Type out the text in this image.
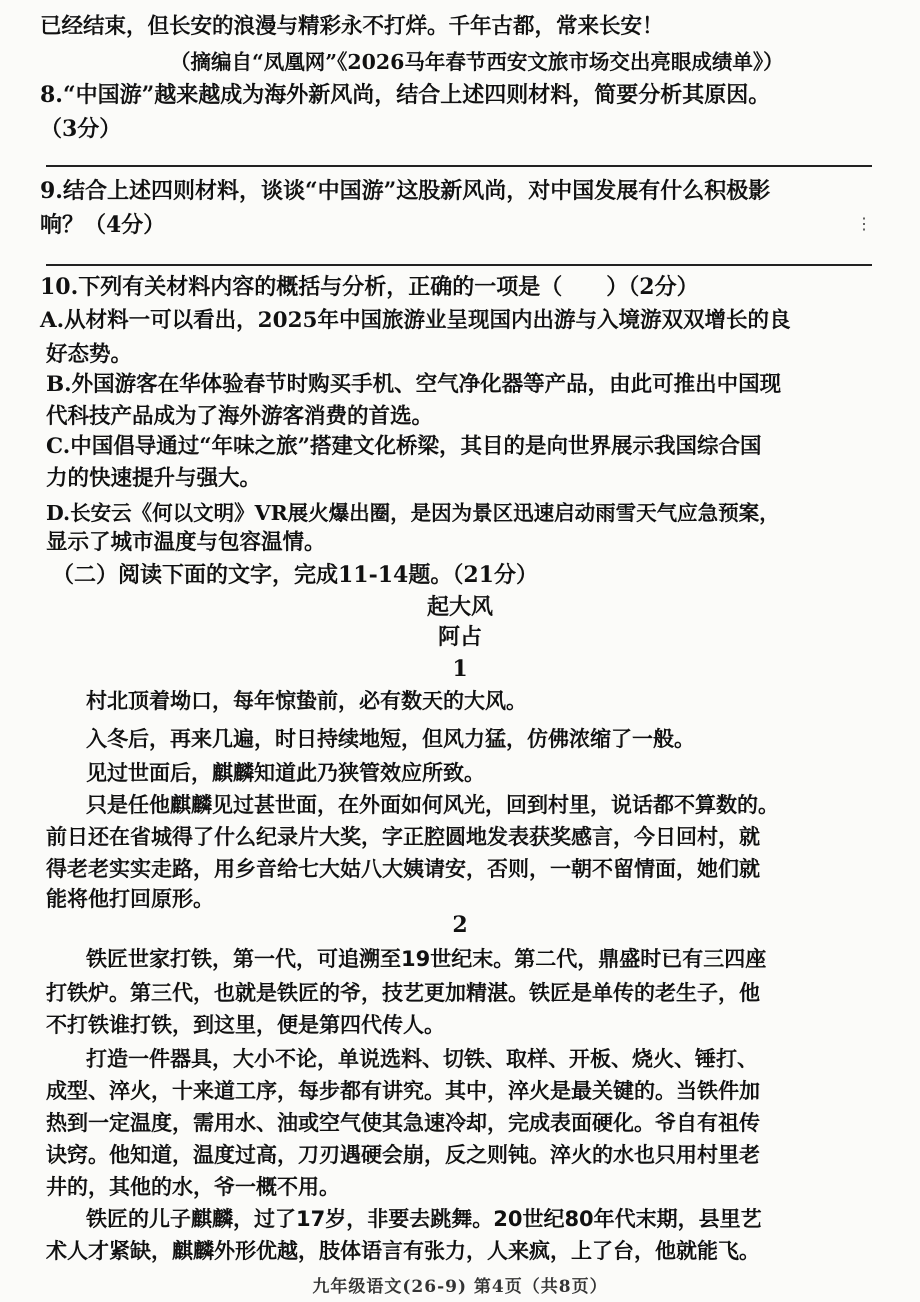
已经结束，但长安的浪漫与精彩永不打烊。千年古都，常来长安！
（摘编自“凤凰网”《2026马年春节西安文旅市场交出亮眼成绩单》）
8.“中国游”越来越成为海外新风尚，结合上述四则材料，简要分析其原因。
（3分）
9.结合上述四则材料，谈谈“中国游”这股新风尚，对中国发展有什么积极影
响？（4分）	⋮
10.下列有关材料内容的概括与分析，正确的一项是（　　）（2分）
A.从材料一可以看出，2025年中国旅游业呈现国内出游与入境游双双增长的良
好态势。
B.外国游客在华体验春节时购买手机、空气净化器等产品，由此可推出中国现
代科技产品成为了海外游客消费的首选。
C.中国倡导通过“年味之旅”搭建文化桥梁，其目的是向世界展示我国综合国
力的快速提升与强大。
D.长安云《何以文明》VR展火爆出圈，是因为景区迅速启动雨雪天气应急预案，
显示了城市温度与包容温情。
（二）阅读下面的文字，完成11-14题。（21分）
起大风
阿占
1
村北顶着坳口，每年惊蛰前，必有数天的大风。
入冬后，再来几遍，时日持续地短，但风力猛，仿佛浓缩了一般。
见过世面后，麒麟知道此乃狭管效应所致。
只是任他麒麟见过甚世面，在外面如何风光，回到村里，说话都不算数的。
前日还在省城得了什么纪录片大奖，字正腔圆地发表获奖感言，今日回村，就
得老老实实走路，用乡音给七大姑八大姨请安，否则，一朝不留情面，她们就
能将他打回原形。
2
铁匠世家打铁，第一代，可追溯至19世纪末。第二代，鼎盛时已有三四座
打铁炉。第三代，也就是铁匠的爷，技艺更加精湛。铁匠是单传的老生子，他
不打铁谁打铁，到这里，便是第四代传人。
打造一件器具，大小不论，单说选料、切铁、取样、开板、烧火、锤打、
成型、淬火，十来道工序，每步都有讲究。其中，淬火是最关键的。当铁件加
热到一定温度，需用水、油或空气使其急速冷却，完成表面硬化。爷自有祖传
诀窍。他知道，温度过高，刀刃遇硬会崩，反之则钝。淬火的水也只用村里老
井的，其他的水，爷一概不用。
铁匠的儿子麒麟，过了17岁，非要去跳舞。20世纪80年代末期，县里艺
术人才紧缺，麒麟外形优越，肢体语言有张力，人来疯，上了台，他就能飞。
九年级语文(26-9) 第4页（共8页）
